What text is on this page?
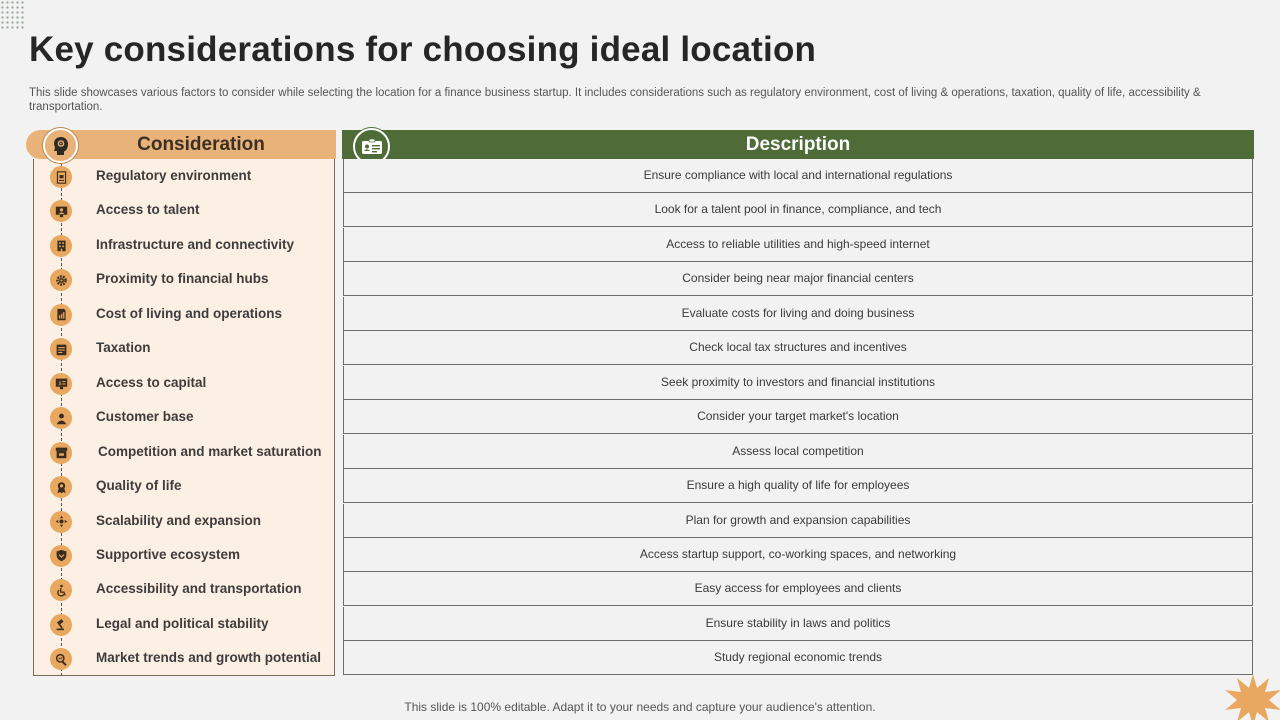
Key considerations for choosing ideal location

This slide showcases various factors to consider while selecting the location for a finance business startup. It includes considerations such as regulatory environment, cost of living & operations, taxation, quality of life, accessibility & transportation.

Consideration
Regulatory environment
Access to talent
Infrastructure and connectivity
Proximity to financial hubs
Cost of living and operations
Taxation
$	Access to capital
Customer base
Competition and market saturation
Quality of life
Scalability and expansion
Supportive ecosystem
Accessibility and transportation
Legal and political stability
Market trends and growth potential
Description
Ensure compliance with local and international regulations
Look for a talent pool in finance, compliance, and tech
Access to reliable utilities and high-speed internet
Consider being near major financial centers
Evaluate costs for living and doing business
Check local tax structures and incentives
Seek proximity to investors and financial institutions
Consider your target market's location
Assess local competition
Ensure a high quality of life for employees
Plan for growth and expansion capabilities
Access startup support, co-working spaces, and networking
Easy access for employees and clients
Ensure stability in laws and politics
Study regional economic trends

This slide is 100% editable. Adapt it to your needs and capture your audience's attention.
